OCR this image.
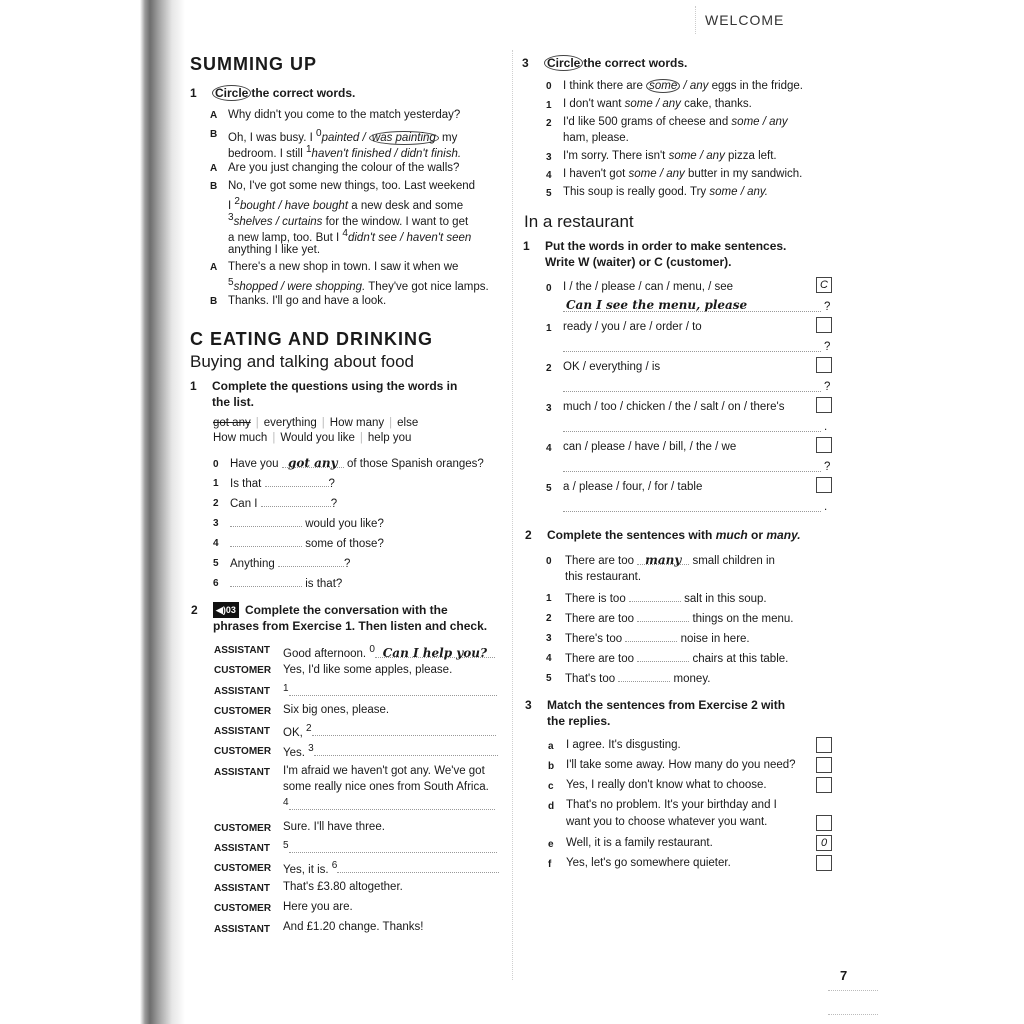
WELCOME
SUMMING UP
1 Circle the correct words.
A Why didn't you come to the match yesterday?
B Oh, I was busy. I $^0$painted / was painting my
bedroom. I still $^1$haven't finished / didn't finish.
A Are you just changing the colour of the walls?
B No, I've got some new things, too. Last weekend
I $^2$bought / have bought a new desk and some
$^3$shelves / curtains for the window. I want to get
a new lamp, too. But I $^4$didn't see / haven't seen
anything I like yet.
A There's a new shop in town. I saw it when we
$^5$shopped / were shopping. They've got nice lamps.
B Thanks. I'll go and have a look.
C EATING AND DRINKING
Buying and talking about food
1 Complete the questions using the words in
the list.
got any | everything | How many | else
How much | Would you like | help you
0 Have you got any of those Spanish oranges?
1 Is that	?
2 Can I	?
3	would you like?
4	some of those?
5 Anything	?
6	is that?
2	◀)03 Complete the conversation with the
phrases from Exercise 1. Then listen and check.
ASSISTANT Good afternoon. $^0$ Can I help you?
CUSTOMER Yes, I'd like some apples, please.
ASSISTANT $^1$
CUSTOMER Six big ones, please.
ASSISTANT OK, $^2$
CUSTOMER Yes. $^3$
ASSISTANT I'm afraid we haven't got any. We've got
some really nice ones from South Africa.
$^4$
CUSTOMER Sure. I'll have three.
ASSISTANT $^5$
CUSTOMER Yes, it is. $^6$
ASSISTANT That's £3.80 altogether.
CUSTOMER Here you are.
ASSISTANT And £1.20 change. Thanks!
3 Circle the correct words.
0 I think there are some / any eggs in the fridge.
1 I don't want some / any cake, thanks.
2 I'd like 500 grams of cheese and some / any
ham, please.
3 I'm sorry. There isn't some / any pizza left.
4 I haven't got some / any butter in my sandwich.
5 This soup is really good. Try some / any.
In a restaurant
1 Put the words in order to make sentences.
Write W (waiter) or C (customer).
0 I / the / please / can / menu, / see	C
Can I see the menu, please	?
1 ready / you / are / order / to
?
2 OK / everything / is
?
3 much / too / chicken / the / salt / on / there's
.
4 can / please / have / bill, / the / we
?
5 a / please / four, / for / table
.
2 Complete the sentences with much or many.
0 There are too many small children in
this restaurant.
1 There is too	salt in this soup.
2 There are too	things on the menu.
3 There's too	noise in here.
4 There are too	chairs at this table.
5 That's too	money.
3 Match the sentences from Exercise 2 with
the replies.
a I agree. It's disgusting.
b I'll take some away. How many do you need?
c Yes, I really don't know what to choose.
d That's no problem. It's your birthday and I
want you to choose whatever you want.
e Well, it is a family restaurant.	0
f Yes, let's go somewhere quieter.
7
